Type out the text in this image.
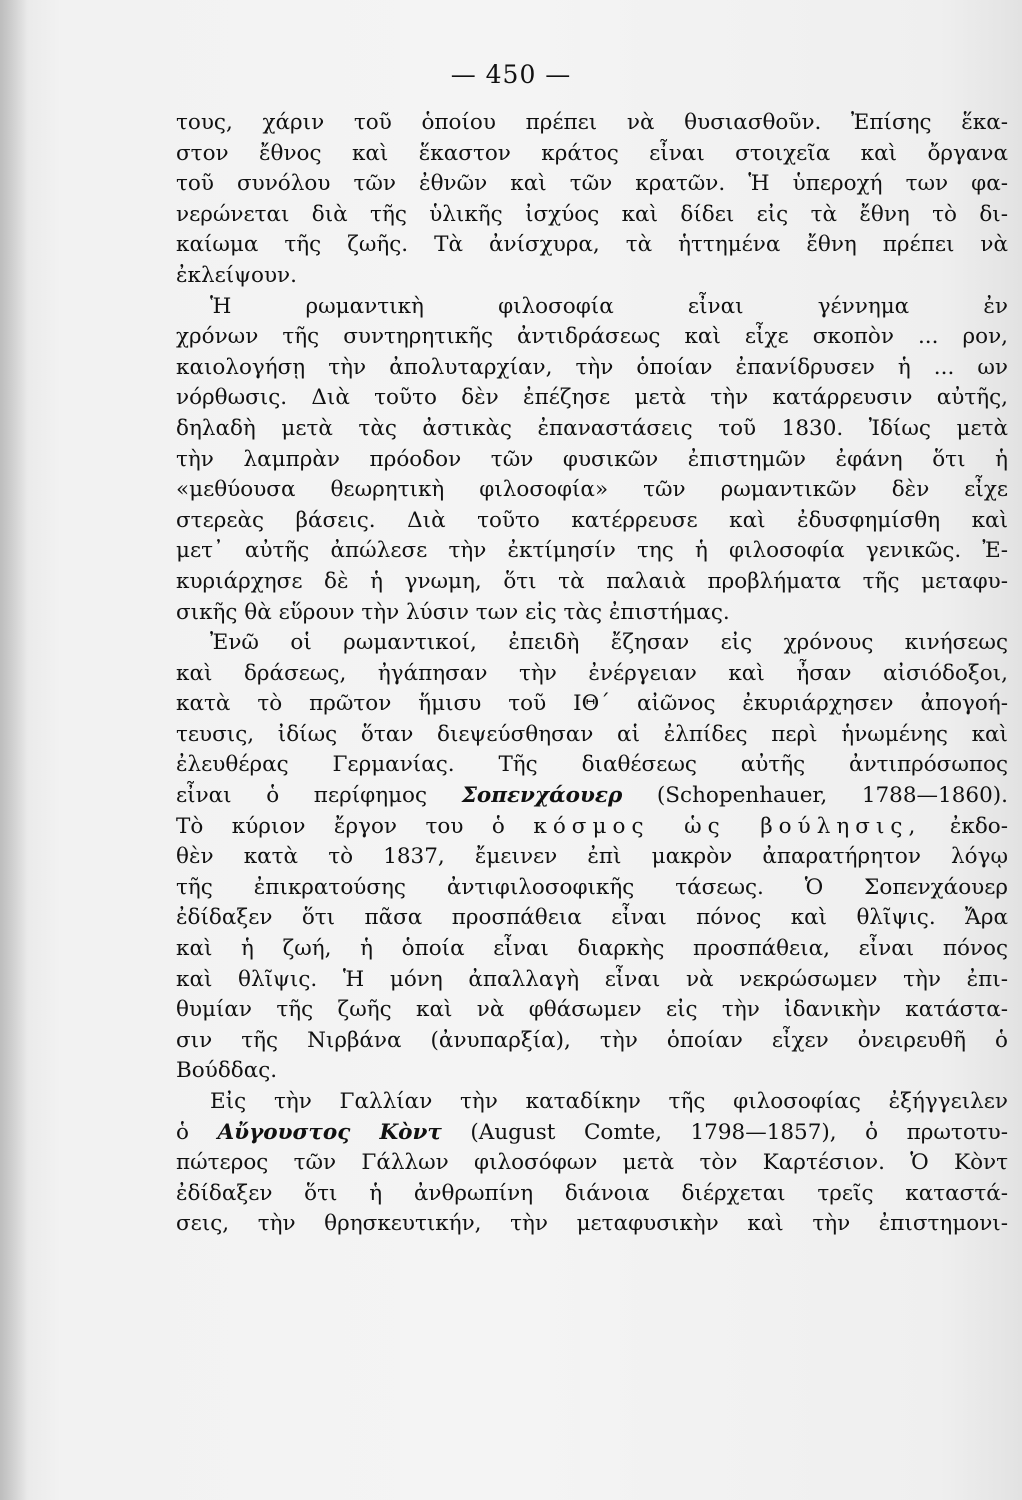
— 450 —
τους, χάριν τοῦ ὁποίου πρέπει νὰ θυσιασθοῦν. Ἐπίσης ἕκα-
στον ἔθνος καὶ ἕκαστον κράτος εἶναι στοιχεῖα καὶ ὄργανα
τοῦ συνόλου τῶν ἐθνῶν καὶ τῶν κρατῶν. Ἡ ὑπεροχή των φα-
νερώνεται διὰ τῆς ὑλικῆς ἰσχύος καὶ δίδει εἰς τὰ ἔθνη τὸ δι-
καίωμα τῆς ζωῆς. Τὰ ἀνίσχυρα, τὰ ἡττημένα ἔθνη πρέπει νὰ
ἐκλείψουν.
Ἡ ρωμαντικὴ φιλοσοφία εἶναι γέννημα ἐν
χρόνων τῆς συντηρητικῆς ἀντιδράσεως καὶ εἶχε σκοπὸν ... ρον,
καιολογήσῃ τὴν ἀπολυταρχίαν, τὴν ὁποίαν ἐπανίδρυσεν ἡ ... ων
νόρθωσις. Διὰ τοῦτο δὲν ἐπέζησε μετὰ τὴν κατάρρευσιν αὐτῆς,
δηλαδὴ μετὰ τὰς ἀστικὰς ἐπαναστάσεις τοῦ 1830. Ἰδίως μετὰ
τὴν λαμπρὰν πρόοδον τῶν φυσικῶν ἐπιστημῶν ἐφάνη ὅτι ἡ
«μεθύουσα θεωρητικὴ φιλοσοφία» τῶν ρωμαντικῶν δὲν εἶχε
στερεὰς βάσεις. Διὰ τοῦτο κατέρρευσε καὶ ἐδυσφημίσθη καὶ
μετ᾽ αὐτῆς ἀπώλεσε τὴν ἐκτίμησίν της ἡ φιλοσοφία γενικῶς. Ἐ-
κυριάρχησε δὲ ἡ γνωμη, ὅτι τὰ παλαιὰ προβλήματα τῆς μεταφυ-
σικῆς θὰ εὕρουν τὴν λύσιν των εἰς τὰς ἐπιστήμας.
Ἐνῶ οἱ ρωμαντικοί, ἐπειδὴ ἔζησαν εἰς χρόνους κινήσεως
καὶ δράσεως, ἠγάπησαν τὴν ἐνέργειαν καὶ ἦσαν αἰσιόδοξοι,
κατὰ τὸ πρῶτον ἥμισυ τοῦ ΙΘ΄ αἰῶνος ἐκυριάρχησεν ἀπογοή-
τευσις, ἰδίως ὅταν διεψεύσθησαν αἱ ἐλπίδες περὶ ἡνωμένης καὶ
ἐλευθέρας Γερμανίας. Τῆς διαθέσεως αὐτῆς ἀντιπρόσωπος
εἶναι ὁ περίφημος Σοπενχάουερ (Schopenhauer, 1788—1860).
Τὸ κύριον ἔργον του ὁ κόσμος ὡς βούλησις, ἐκδο-
θὲν κατὰ τὸ 1837, ἔμεινεν ἐπὶ μακρὸν ἀπαρατήρητον λόγῳ
τῆς ἐπικρατούσης ἀντιφιλοσοφικῆς τάσεως. Ὁ Σοπενχάουερ
ἐδίδαξεν ὅτι πᾶσα προσπάθεια εἶναι πόνος καὶ θλῖψις. Ἄρα
καὶ ἡ ζωή, ἡ ὁποία εἶναι διαρκὴς προσπάθεια, εἶναι πόνος
καὶ θλῖψις. Ἡ μόνη ἀπαλλαγὴ εἶναι νὰ νεκρώσωμεν τὴν ἐπι-
θυμίαν τῆς ζωῆς καὶ νὰ φθάσωμεν εἰς τὴν ἰδανικὴν κατάστα-
σιν τῆς Νιρβάνα (ἀνυπαρξία), τὴν ὁποίαν εἶχεν ὀνειρευθῆ ὁ
Βούδδας.
Εἰς τὴν Γαλλίαν τὴν καταδίκην τῆς φιλοσοφίας ἐξήγγειλεν
ὁ Αὔγουστος Κὸντ (August Comte, 1798—1857), ὁ πρωτοτυ-
πώτερος τῶν Γάλλων φιλοσόφων μετὰ τὸν Καρτέσιον. Ὁ Κὸντ
ἐδίδαξεν ὅτι ἡ ἀνθρωπίνη διάνοια διέρχεται τρεῖς καταστά-
σεις, τὴν θρησκευτικήν, τὴν μεταφυσικὴν καὶ τὴν ἐπιστημονι-
